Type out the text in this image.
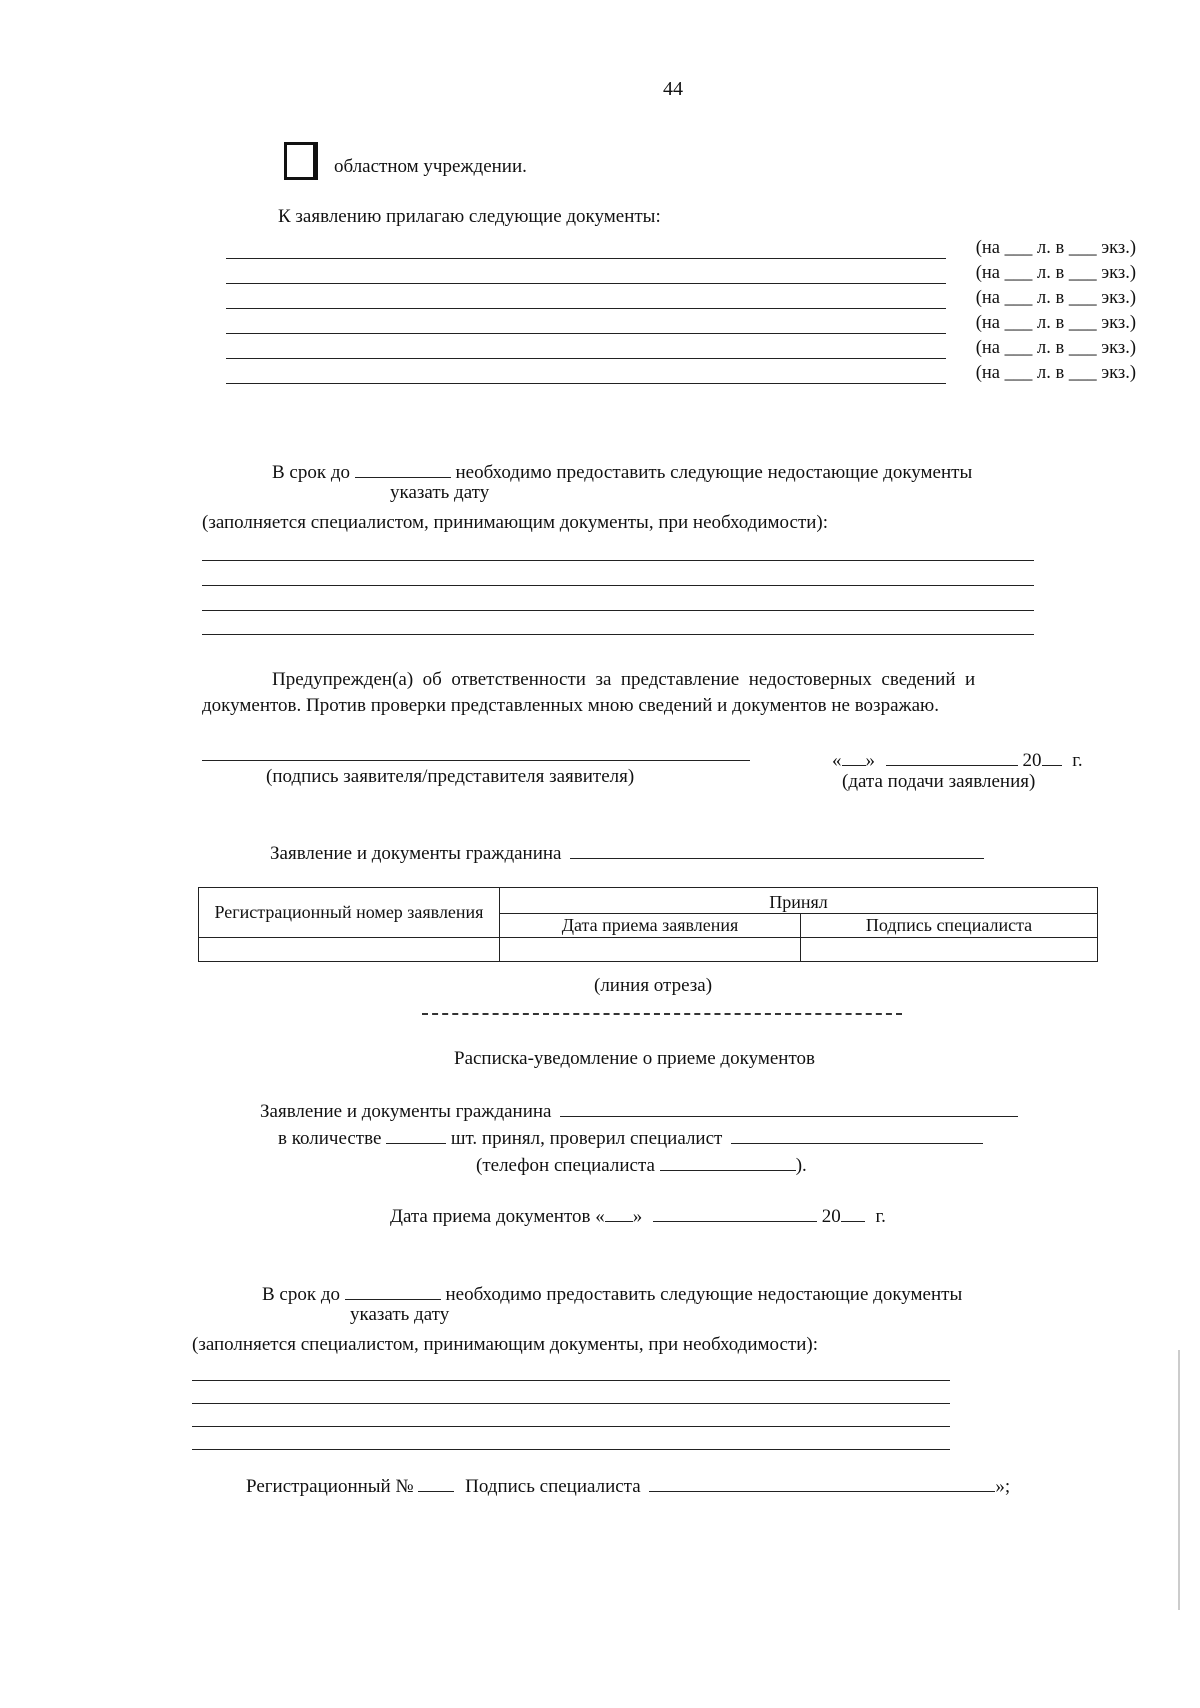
44
областном учреждении.
К заявлению прилагаю следующие документы:
(на ___ л. в ___ экз.)
(на ___ л. в ___ экз.)
(на ___ л. в ___ экз.)
(на ___ л. в ___ экз.)
(на ___ л. в ___ экз.)
(на ___ л. в ___ экз.)
В срок до	необходимо предоставить следующие недостающие документы
указать дату
(заполняется специалистом, принимающим документы, при необходимости):
Предупрежден(а)  об  ответственности  за  представление  недостоверных  сведений  и
документов. Против проверки представленных мною сведений и документов не возражаю.
(подпись заявителя/представителя заявителя)
« »	20 г.
(дата подачи заявления)
Заявление и документы гражданина
Регистрационный номер заявления	Принял	
	Дата приема заявления	Подпись специалиста

(линия отреза)
Расписка-уведомление о приеме документов
Заявление и документы гражданина
в количестве	шт. принял, проверил специалист
(телефон специалиста	).
Дата приема документов « »	20 г.
В срок до	необходимо предоставить следующие недостающие документы
указать дату
(заполняется специалистом, принимающим документы, при необходимости):
Регистрационный №	Подпись специалиста	»;
